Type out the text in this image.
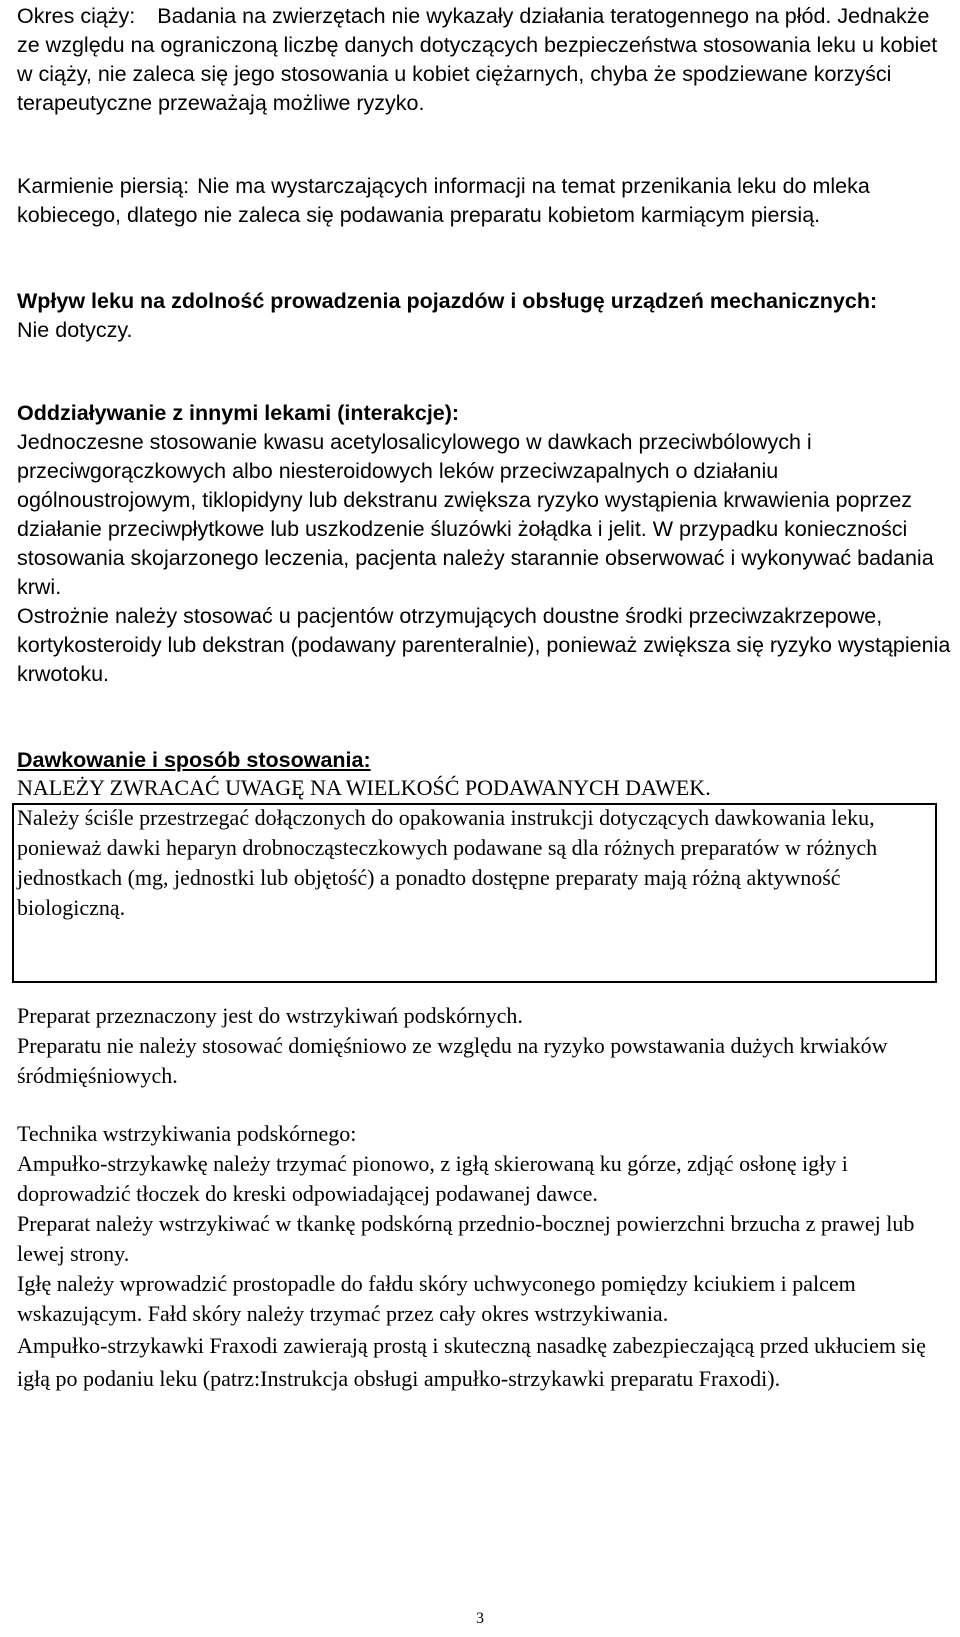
Okres ciąży: Badania na zwierzętach nie wykazały działania teratogennego na płód. Jednakże ze względu na ograniczoną liczbę danych dotyczących bezpieczeństwa stosowania leku u kobiet w ciąży, nie zaleca się jego stosowania u kobiet ciężarnych, chyba że spodziewane korzyści terapeutyczne przeważają możliwe ryzyko.

Karmienie piersią: Nie ma wystarczających informacji na temat przenikania leku do mleka kobiecego, dlatego nie zaleca się podawania preparatu kobietom karmiącym piersią.

Wpływ leku na zdolność prowadzenia pojazdów i obsługę urządzeń mechanicznych:

Nie dotyczy.

Oddziaływanie z innymi lekami (interakcje):

Jednoczesne stosowanie kwasu acetylosalicylowego w dawkach przeciwbólowych i przeciwgorączkowych albo niesteroidowych leków przeciwzapalnych o działaniu ogólnoustrojowym, tiklopidyny lub dekstranu zwiększa ryzyko wystąpienia krwawienia poprzez działanie przeciwpłytkowe lub uszkodzenie śluzówki żołądka i jelit. W przypadku konieczności stosowania skojarzonego leczenia, pacjenta należy starannie obserwować i wykonywać badania krwi.

Ostrożnie należy stosować u pacjentów otrzymujących doustne środki przeciwzakrzepowe, kortykosteroidy lub dekstran (podawany parenteralnie), ponieważ zwiększa się ryzyko wystąpienia krwotoku.

Dawkowanie i sposób stosowania:

NALEŻY ZWRACAĆ UWAGĘ NA WIELKOŚĆ PODAWANYCH DAWEK.

Należy ściśle przestrzegać dołączonych do opakowania instrukcji dotyczących dawkowania leku, ponieważ dawki heparyn drobnocząsteczkowych podawane są dla różnych preparatów w różnych jednostkach (mg, jednostki lub objętość) a ponadto dostępne preparaty mają różną aktywność biologiczną.

Preparat przeznaczony jest do wstrzykiwań podskórnych.

Preparatu nie należy stosować domięśniowo ze względu na ryzyko powstawania dużych krwiaków śródmięśniowych.

Technika wstrzykiwania podskórnego:

Ampułko-strzykawkę należy trzymać pionowo, z igłą skierowaną ku górze, zdjąć osłonę igły i doprowadzić tłoczek do kreski odpowiadającej podawanej dawce.

Preparat należy wstrzykiwać w tkankę podskórną przednio-bocznej powierzchni brzucha z prawej lub lewej strony.

Igłę należy wprowadzić prostopadle do fałdu skóry uchwyconego pomiędzy kciukiem i palcem wskazującym. Fałd skóry należy trzymać przez cały okres wstrzykiwania.

Ampułko-strzykawki Fraxodi zawierają prostą i skuteczną nasadkę zabezpieczającą przed ukłuciem się igłą po podaniu leku (patrz:Instrukcja obsługi ampułko-strzykawki preparatu Fraxodi).

3
